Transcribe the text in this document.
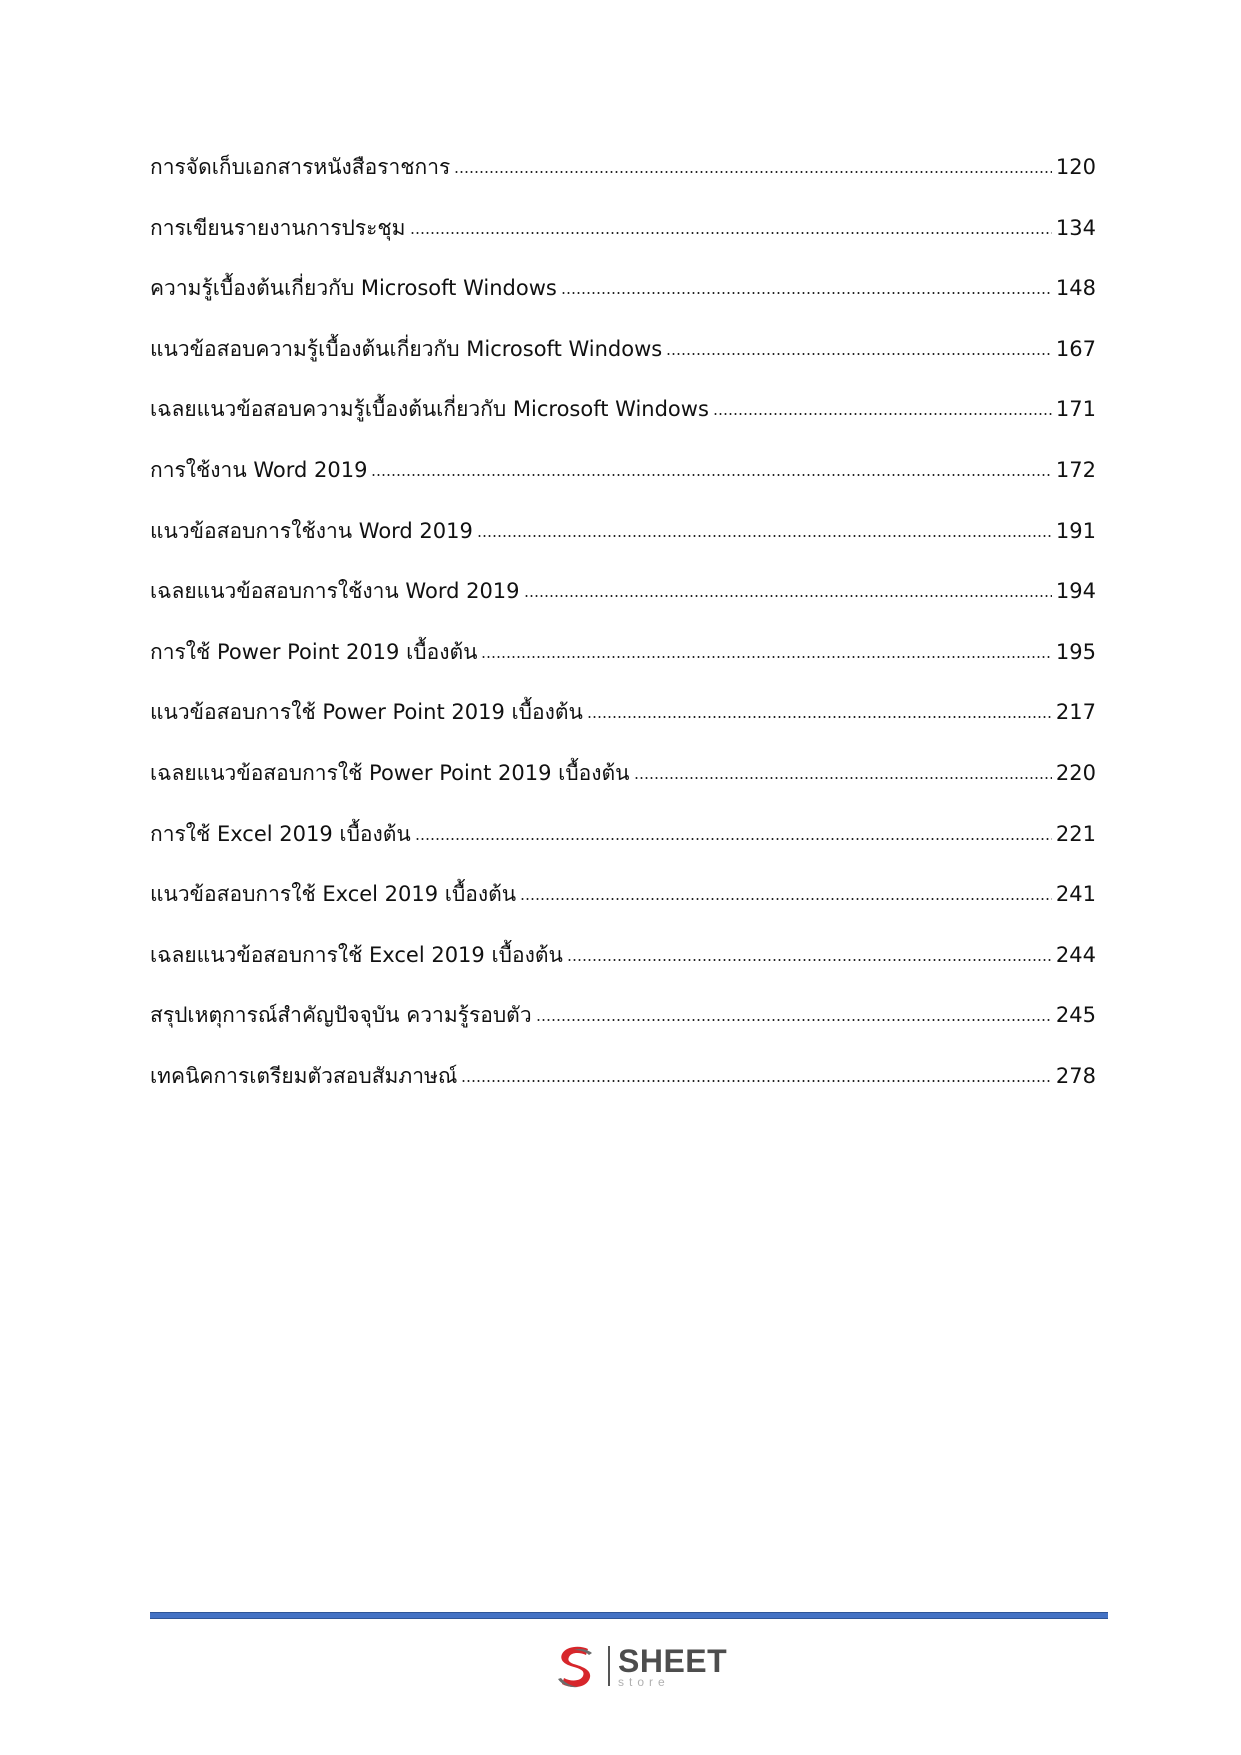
การจัดเก็บเอกสารหนังสือราชการ	120
การเขียนรายงานการประชุม	134
ความรู้เบื้องต้นเกี่ยวกับ Microsoft Windows	148
แนวข้อสอบความรู้เบื้องต้นเกี่ยวกับ Microsoft Windows	167
เฉลยแนวข้อสอบความรู้เบื้องต้นเกี่ยวกับ Microsoft Windows	171
การใช้งาน Word 2019	172
แนวข้อสอบการใช้งาน Word 2019	191
เฉลยแนวข้อสอบการใช้งาน Word 2019	194
การใช้ Power Point 2019 เบื้องต้น	195
แนวข้อสอบการใช้ Power Point 2019 เบื้องต้น	217
เฉลยแนวข้อสอบการใช้ Power Point 2019 เบื้องต้น	220
การใช้ Excel 2019 เบื้องต้น	221
แนวข้อสอบการใช้ Excel 2019 เบื้องต้น	241
เฉลยแนวข้อสอบการใช้ Excel 2019 เบื้องต้น	244
สรุปเหตุการณ์สำคัญปัจจุบัน ความรู้รอบตัว	245
เทคนิคการเตรียมตัวสอบสัมภาษณ์	278
SHEET
store
